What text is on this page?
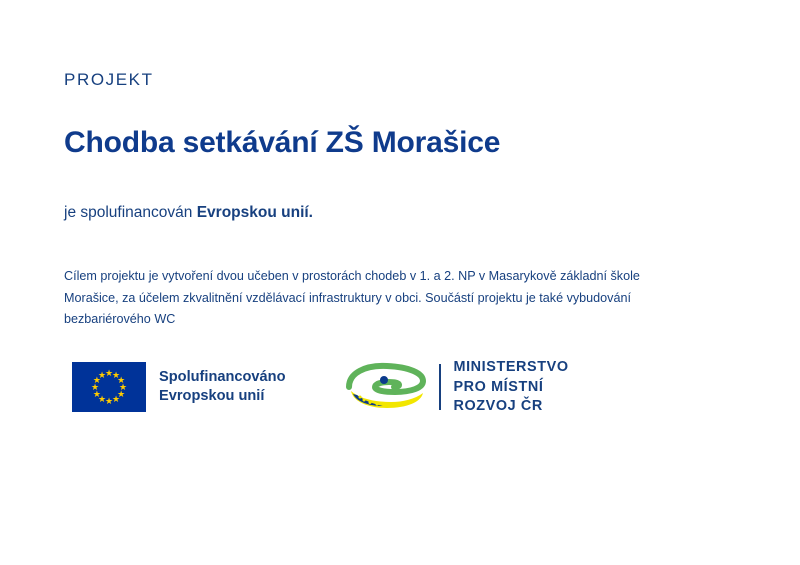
PROJEKT
Chodba setkávání ZŠ Morašice

je spolufinancován Evropskou unií.

Cílem projektu je vytvoření dvou učeben v prostorách chodeb v 1. a 2. NP v Masarykově základní škole Morašice, za účelem zkvalitnění vzdělávací infrastruktury v obci. Součástí projektu je také vybudování bezbariérového WC

★
★
★
★
★
★
★
★
★
★
★
★	Spolufinancováno
Evropskou unií
MINISTERSTVO
PRO MÍSTNÍ
ROZVOJ ČR
